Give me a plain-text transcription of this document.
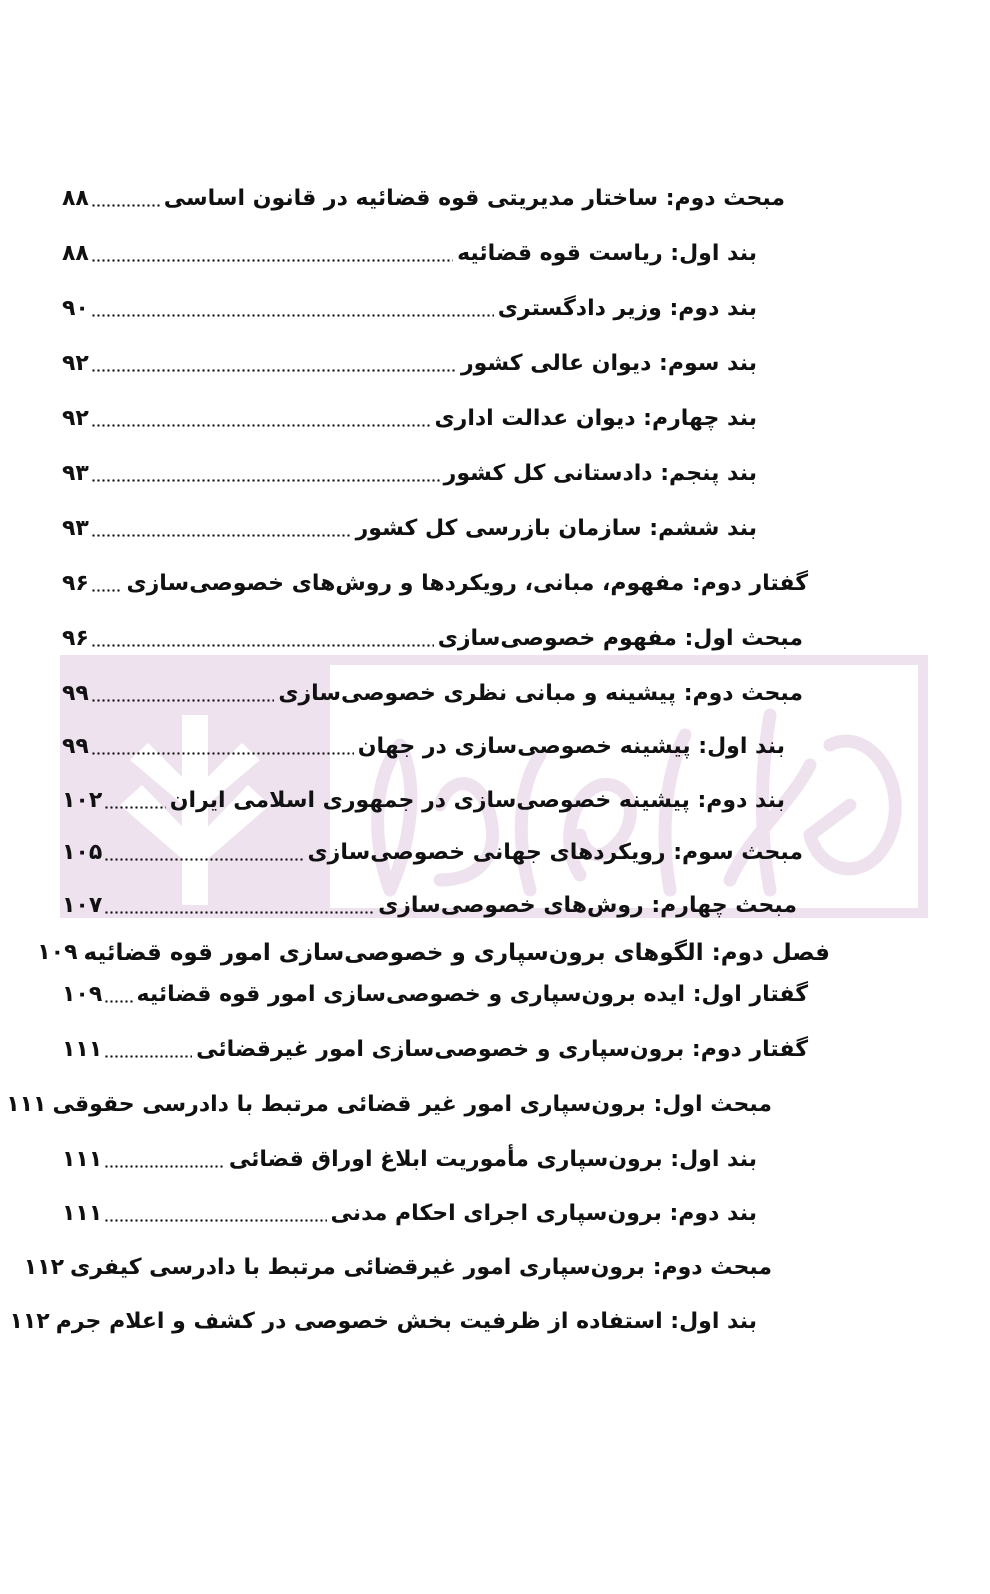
مبحث دوم: ساختار مدیریتی قوه قضائیه در قانون اساسی
۸۸
بند اول: ریاست قوه قضائیه
۸۸
بند دوم: وزیر دادگستری
۹۰
بند سوم: دیوان عالی کشور
۹۲
بند چهارم: دیوان عدالت اداری
۹۲
بند پنجم: دادستانی کل کشور
۹۳
بند ششم: سازمان بازرسی کل کشور
۹۳
گفتار دوم: مفهوم، مبانی، رویکردها و روش‌های خصوصی‌سازی
۹۶
مبحث اول: مفهوم خصوصی‌سازی
۹۶
مبحث دوم: پیشینه و مبانی نظری خصوصی‌سازی
۹۹
بند اول: پیشینه خصوصی‌سازی در جهان
۹۹
بند دوم: پیشینه خصوصی‌سازی در جمهوری اسلامی ایران
۱۰۲
مبحث سوم: رویکردهای جهانی خصوصی‌سازی
۱۰۵
مبحث چهارم: روش‌های خصوصی‌سازی
۱۰۷
فصل دوم: الگوهای برون‌سپاری و خصوصی‌سازی امور قوه قضائیه
۱۰۹
گفتار اول: ایده برون‌سپاری و خصوصی‌سازی امور قوه قضائیه
۱۰۹
گفتار دوم: برون‌سپاری و خصوصی‌سازی امور غیرقضائی
۱۱۱
مبحث اول: برون‌سپاری امور غیر قضائی مرتبط با دادرسی حقوقی
۱۱۱
بند اول: برون‌سپاری مأموریت ابلاغ اوراق قضائی
۱۱۱
بند دوم: برون‌سپاری اجرای احکام مدنی
۱۱۱
مبحث دوم: برون‌سپاری امور غیرقضائی مرتبط با دادرسی کیفری
۱۱۲
بند اول: استفاده از ظرفیت بخش خصوصی در کشف و اعلام جرم
۱۱۲
